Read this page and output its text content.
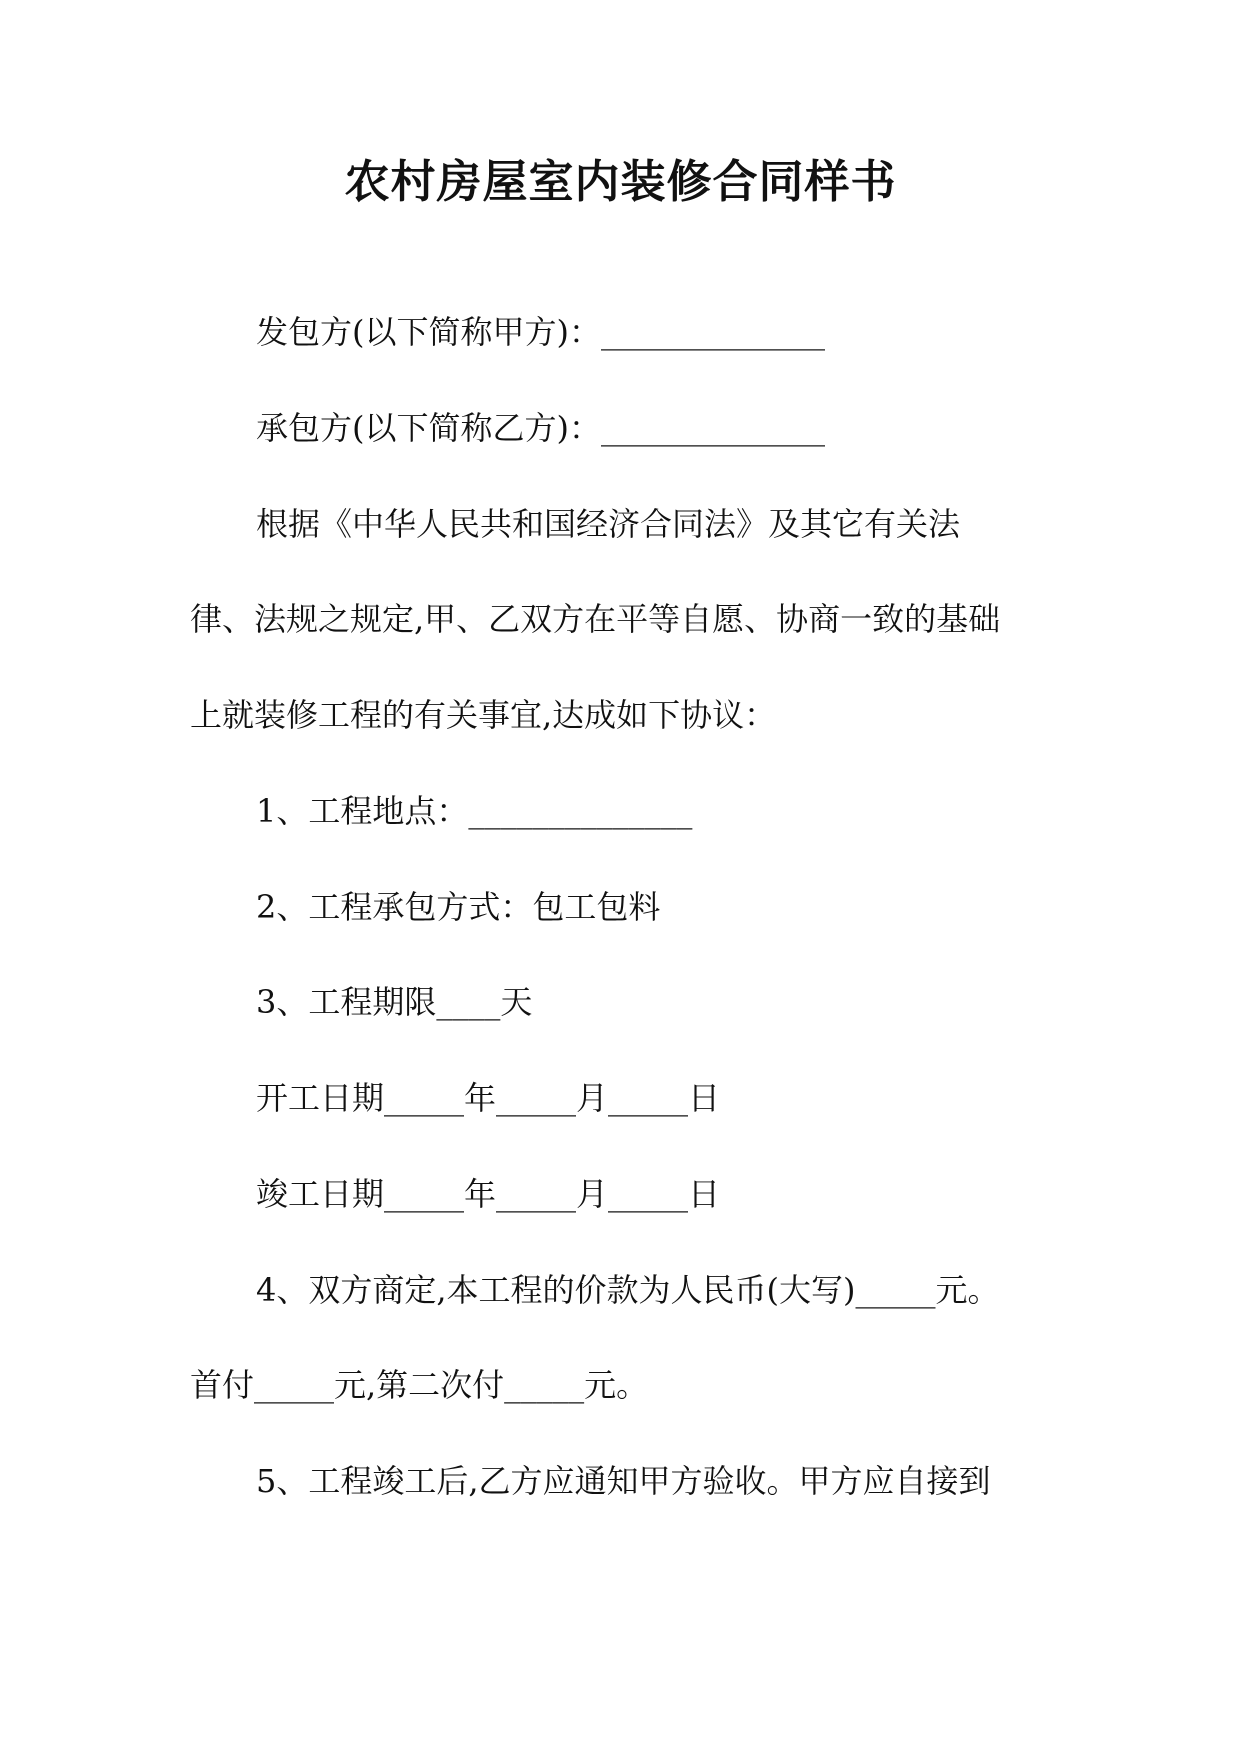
农村房屋室内装修合同样书

发包方(以下简称甲方)：______________

承包方(以下简称乙方)：______________

根据《中华人民共和国经济合同法》及其它有关法

律、法规之规定,甲、乙双方在平等自愿、协商一致的基础

上就装修工程的有关事宜,达成如下协议：

1、工程地点：______________

2、工程承包方式：包工包料

3、工程期限____天

开工日期_____年_____月_____日

竣工日期_____年_____月_____日

4、双方商定,本工程的价款为人民币(大写)_____元。

首付_____元,第二次付_____元。

5、工程竣工后,乙方应通知甲方验收。甲方应自接到
